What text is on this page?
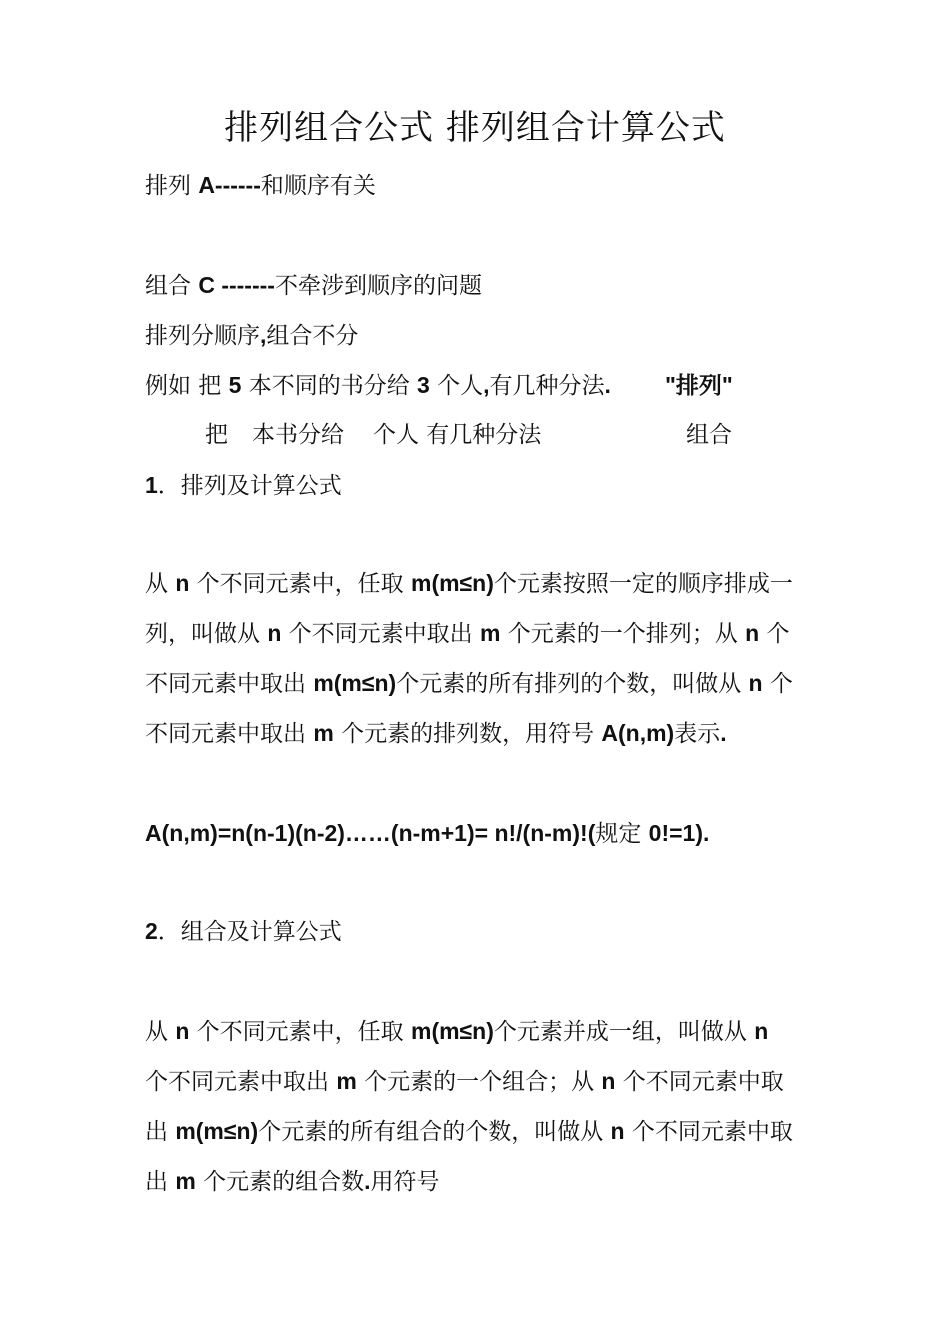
排列组合公式 排列组合计算公式
排列 A------和顺序有关
组合 C -------不牵涉到顺序的问题
排列分顺序,组合不分
例如 把 5 本不同的书分给 3 个人,有几种分法. "排列"
把 本书分给 个人 有几种分法	组合
1．排列及计算公式
从 n 个不同元素中，任取 m(m≤n)个元素按照一定的顺序排成一
列，叫做从 n 个不同元素中取出 m 个元素的一个排列；从 n 个
不同元素中取出 m(m≤n)个元素的所有排列的个数，叫做从 n 个
不同元素中取出 m 个元素的排列数，用符号 A(n,m)表示.
A(n,m)=n(n-1)(n-2)……(n-m+1)= n!/(n-m)!(规定 0!=1).
2．组合及计算公式
从 n 个不同元素中，任取 m(m≤n)个元素并成一组，叫做从 n
个不同元素中取出 m 个元素的一个组合；从 n 个不同元素中取
出 m(m≤n)个元素的所有组合的个数，叫做从 n 个不同元素中取
出 m 个元素的组合数.用符号
